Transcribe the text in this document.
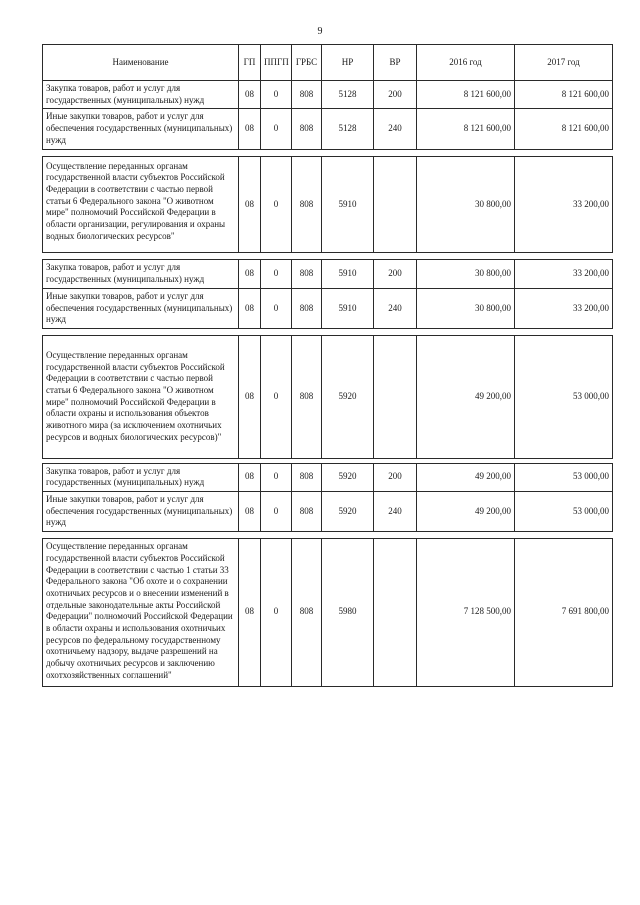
9
Наименование	ГП	ППГП	ГРБС	НР	ВР	2016 год	2017 год
Закупка товаров, работ и услуг для государственных (муниципальных) нужд	08	0	808	5128	200	8 121 600,00	8 121 600,00
Иные закупки товаров, работ и услуг для обеспечения государственных (муниципальных) нужд	08	0	808	5128	240	8 121 600,00	8 121 600,00

Осуществление переданных органам государственной власти субъектов Российской Федерации в соответствии с частью первой статьи 6 Федерального закона "О животном мире" полномочий Российской Федерации в области организации, регулирования и охраны водных биологических ресурсов"	08	0	808	5910		30 800,00	33 200,00

Закупка товаров, работ и услуг для государственных (муниципальных) нужд	08	0	808	5910	200	30 800,00	33 200,00
Иные закупки товаров, работ и услуг для обеспечения государственных (муниципальных) нужд	08	0	808	5910	240	30 800,00	33 200,00

Осуществление переданных органам государственной власти субъектов Российской Федерации в соответствии с частью первой статьи 6 Федерального закона "О животном мире" полномочий Российской Федерации в области охраны и использования объектов животного мира (за исключением охотничьих ресурсов и водных биологических ресурсов)"	08	0	808	5920		49 200,00	53 000,00

Закупка товаров, работ и услуг для государственных (муниципальных) нужд	08	0	808	5920	200	49 200,00	53 000,00
Иные закупки товаров, работ и услуг для обеспечения государственных (муниципальных) нужд	08	0	808	5920	240	49 200,00	53 000,00

Осуществление переданных органам государственной власти субъектов Российской Федерации в соответствии с частью 1 статьи 33 Федерального закона "Об охоте и о сохранении охотничьих ресурсов и о внесении изменений в отдельные законодательные акты Российской Федерации" полномочий Российской Федерации в области охраны и использования охотничьих ресурсов по федеральному государственному охотничьему надзору, выдаче разрешений на добычу охотничьих ресурсов и заключению охотхозяйственных соглашений"	08	0	808	5980		7 128 500,00	7 691 800,00
